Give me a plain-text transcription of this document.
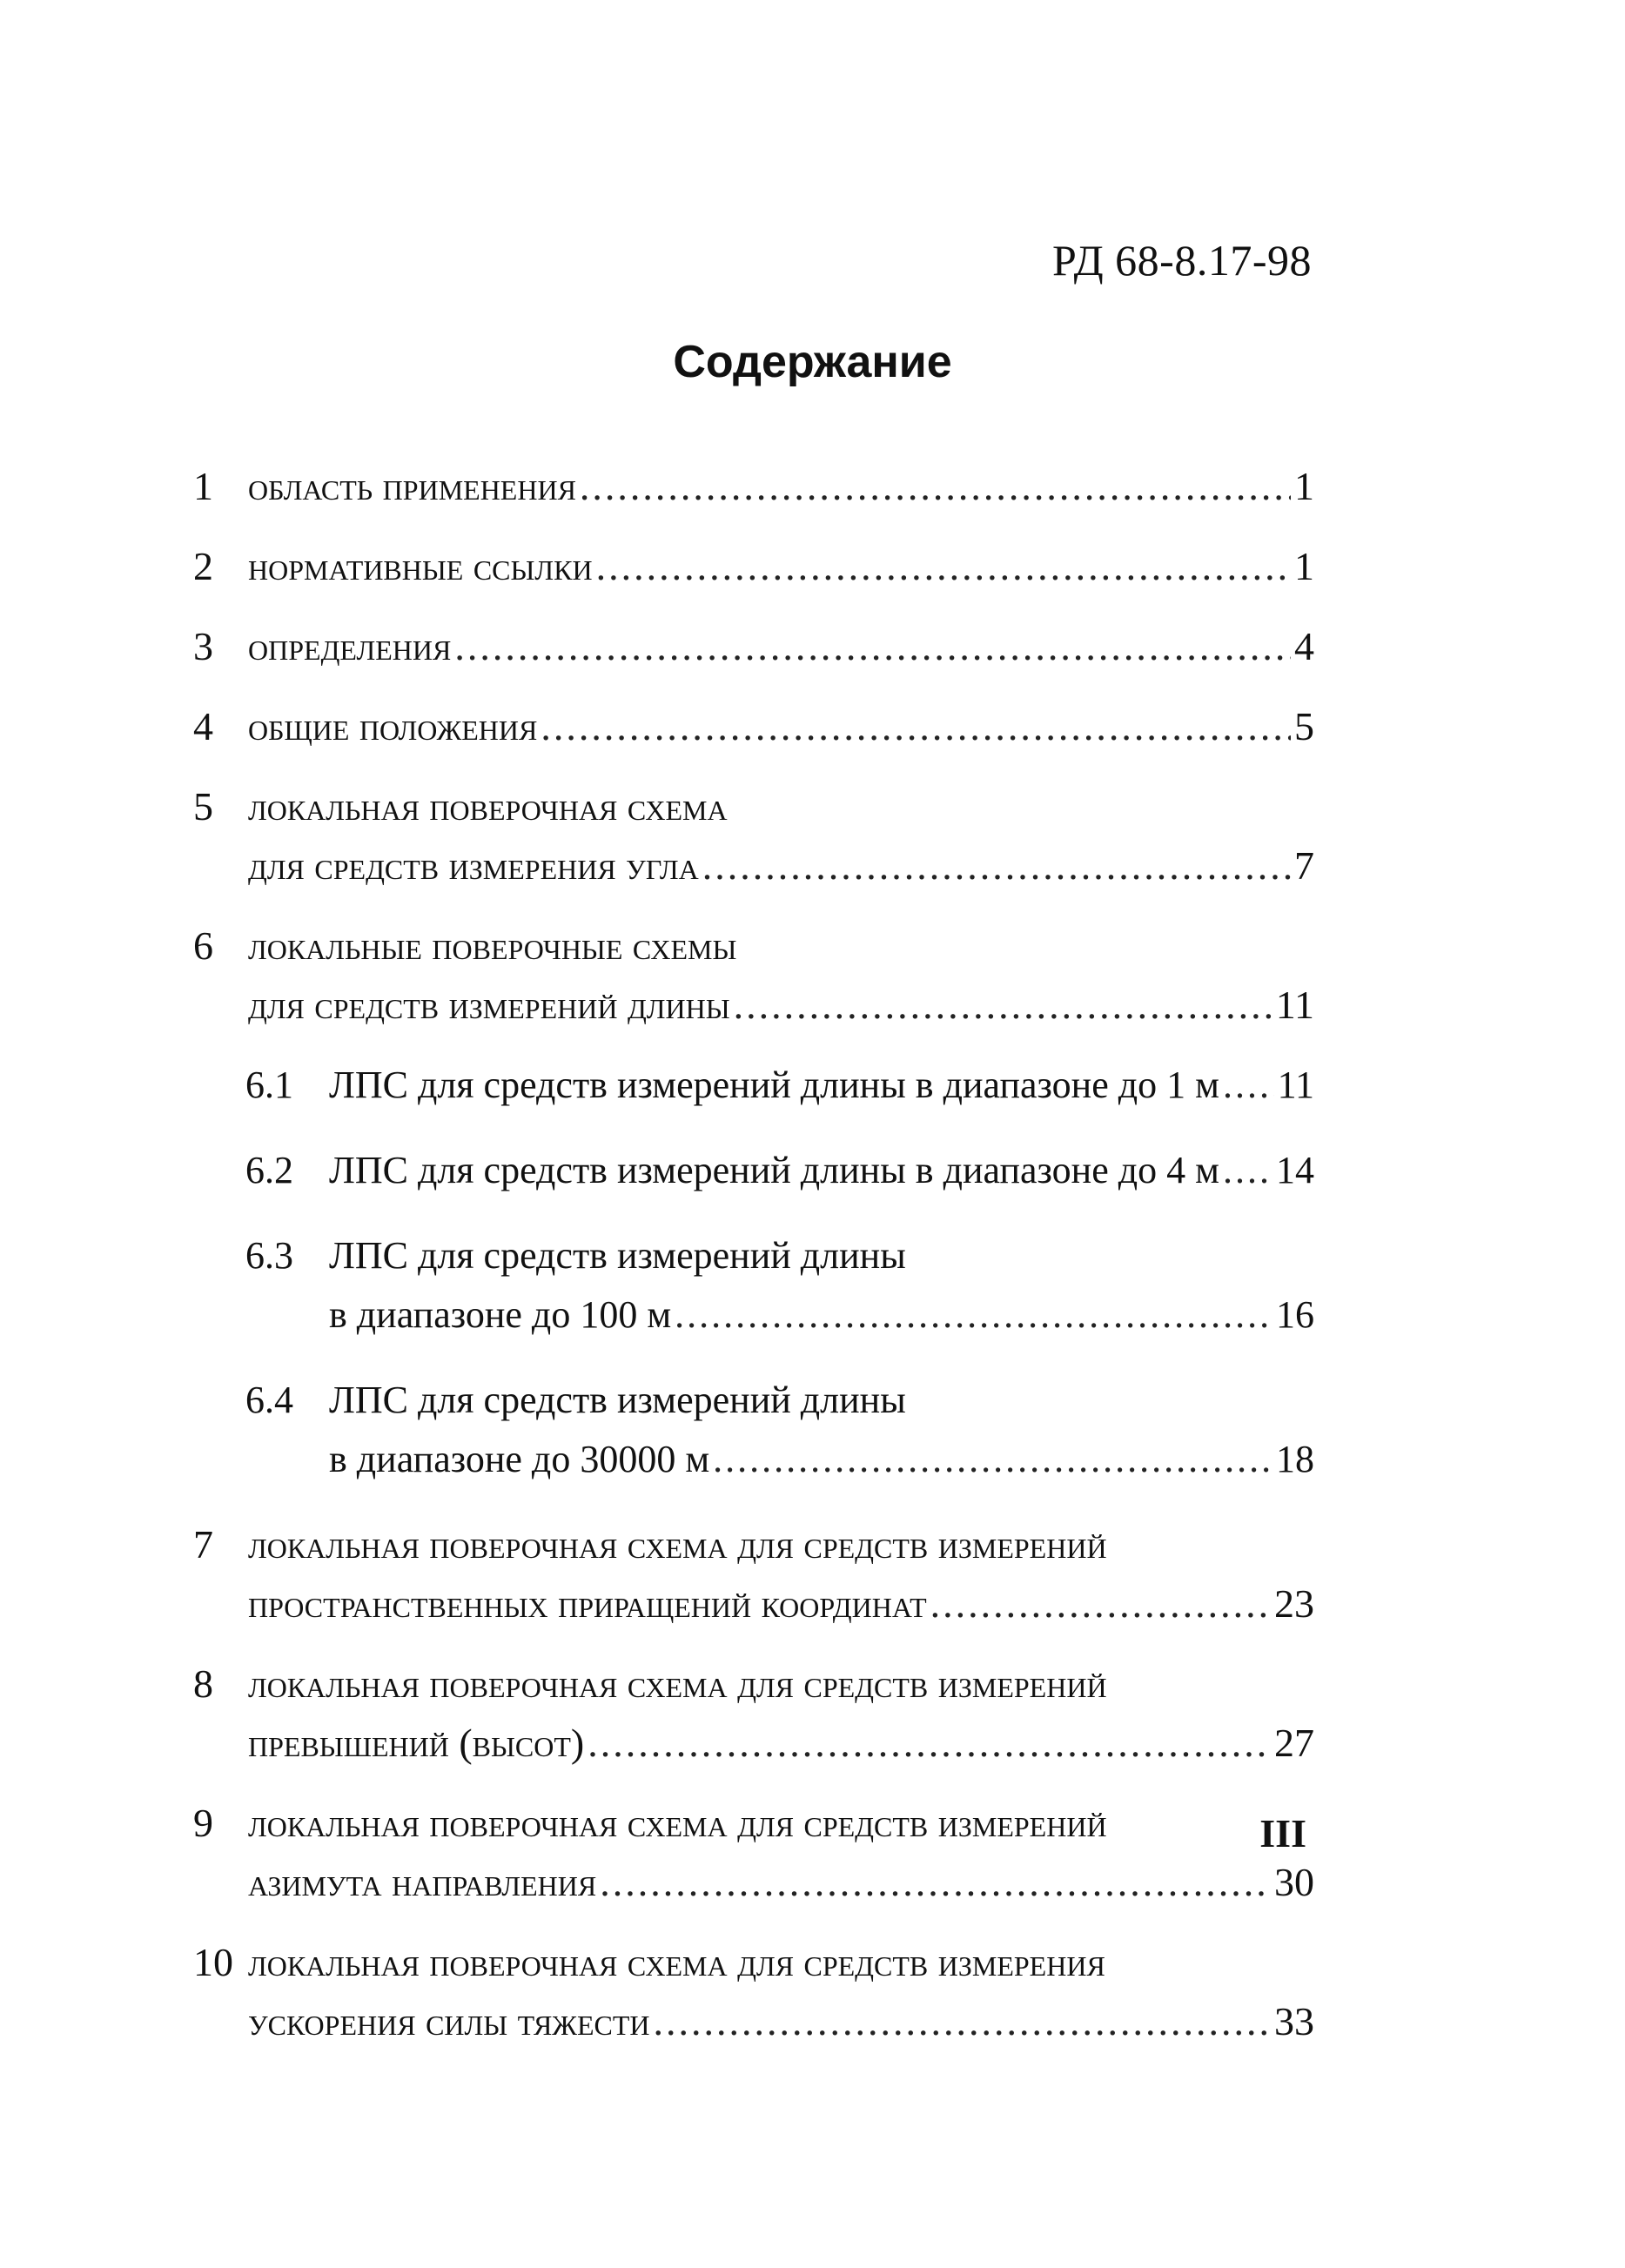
РД 68-8.17-98
Содержание
1 область применения .....	1
2 нормативные ссылки .....	1
3 определения .....	4
4 общие положения .....	5
5 локальная поверочная схема
для средств измерения угла .....	7
6 локальные поверочные схемы
для средств измерений длины .....	11
6.1 ЛПС для средств измерений длины в диапазоне до 1 м ..... 11
6.2 ЛПС для средств измерений длины в диапазоне до 4 м ..... 14
6.3 ЛПС для средств измерений длины
в диапазоне до 100 м .....	16
6.4 ЛПС для средств измерений длины
в диапазоне до 30000 м .....	18
7 локальная поверочная схема для средств измерений
пространственных приращений координат .....	23
8 локальная поверочная схема для средств измерений
превышений (высот) .....	27
9 локальная поверочная схема для средств измерений
азимута направления .....	30
10 локальная поверочная схема для средств измерения
ускорения силы тяжести .....	33
III
